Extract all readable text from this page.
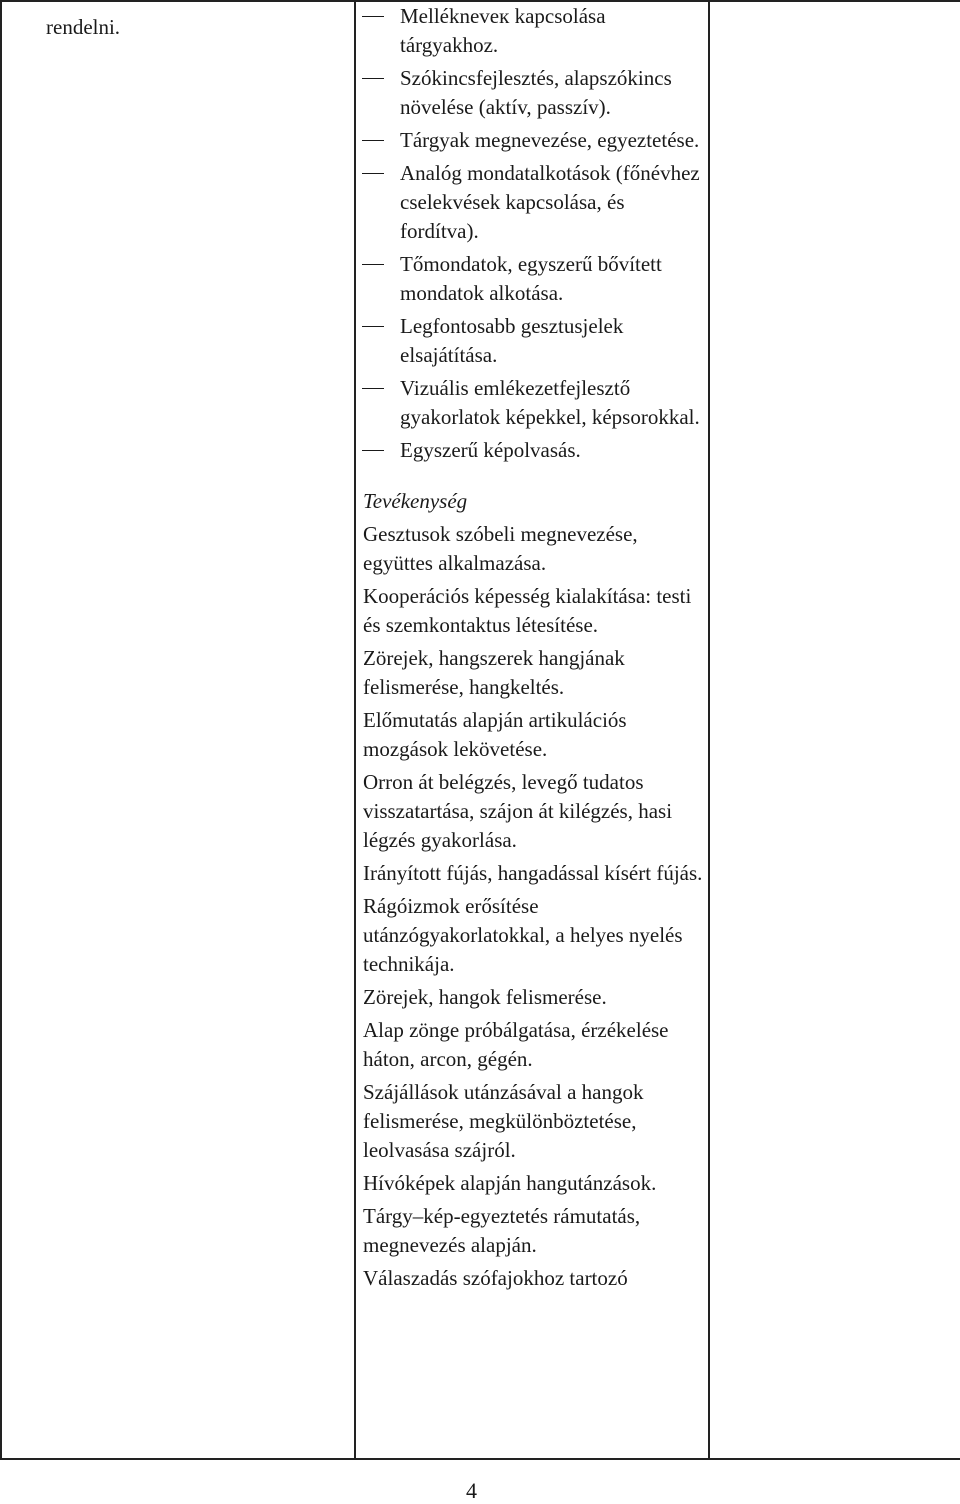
rendelni.	Mellékneveк kapcsolása tárgyakhoz.
Szókincsfejlesztés, alapszókincs növelése (aktív, passzív).
Tárgyak megnevezése, egyeztetése.
Analóg mondatalkotások (főnévhez cselekvések kapcsolása, és fordítva).
Tőmondatok, egyszerű bővített mondatok alkotása.
Legfontosabb gesztusjelek elsajátítása.
Vizuális emlékezetfejlesztő gyakorlatok képekkel, képsorokkal.
Egyszerű képolvasás.
Tevékenység
Gesztusok szóbeli megnevezése, együttes alkalmazása.
Kooperációs képesség kialakítása: testi és szemkontaktus létesítése.
Zörejek, hangszerek hangjának felismerése, hangkeltés.
Előmutatás alapján artikulációs mozgások lekövetése.
Orron át belégzés, levegő tudatos visszatartása, szájon át kilégzés, hasi légzés gyakorlása.
Irányított fújás, hangadással kísért fújás.
Rágóizmok erősítése utánzógyakorlatokkal, a helyes nyelés technikája.
Zörejek, hangok felismerése.
Alap zönge próbálgatása, érzékelése háton, arcon, gégén.
Szájállások utánzásával a hangok felismerése, megkülönböztetése, leolvasása szájról.
Hívóképek alapján hangutánzások.
Tárgy–kép-egyeztetés rámutatás, megnevezés alapján.
Válaszadás szófajokhoz tartozó

4
